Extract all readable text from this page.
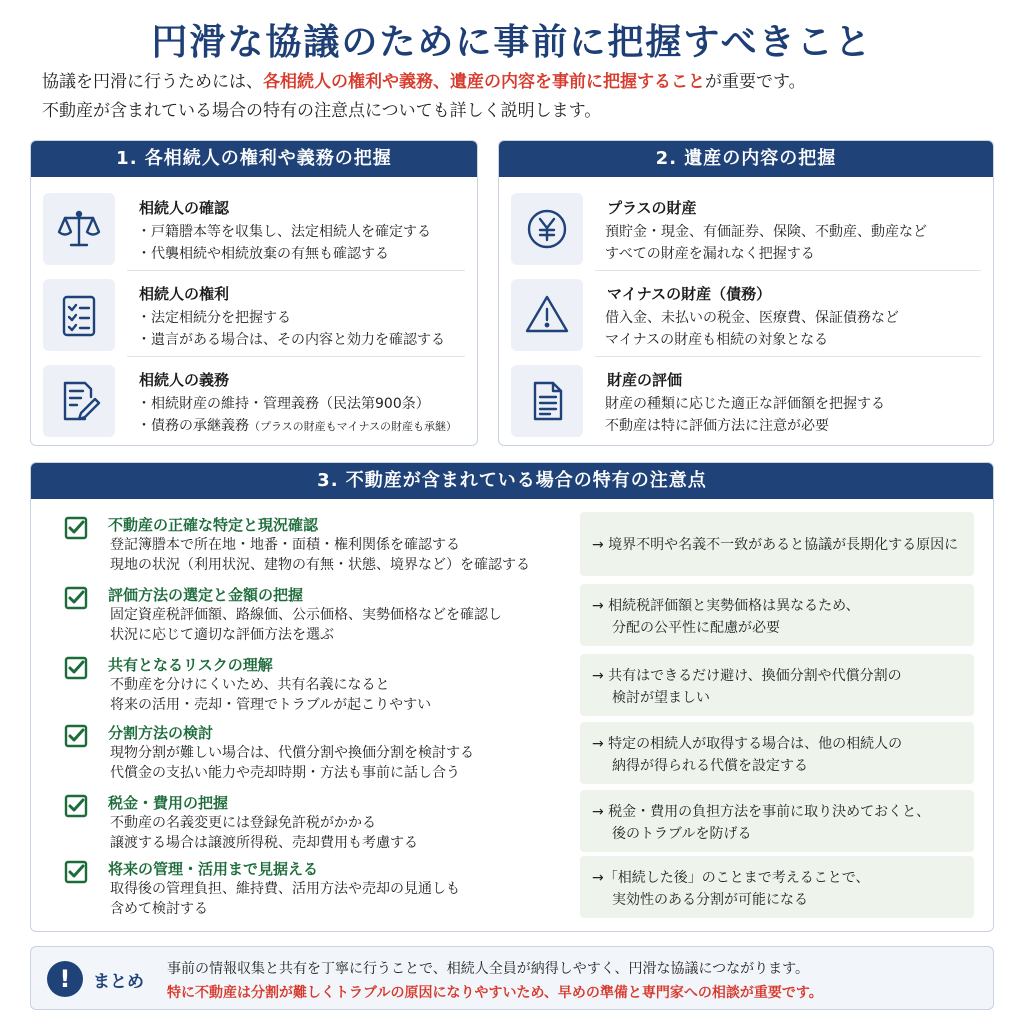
円滑な協議のために事前に把握すべきこと
協議を円滑に行うためには、各相続人の権利や義務、遺産の内容を事前に把握することが重要です。
不動産が含まれている場合の特有の注意点についても詳しく説明します。
1. 各相続人の権利や義務の把握
相続人の確認
・戸籍謄本等を収集し、法定相続人を確定する
・代襲相続や相続放棄の有無も確認する
相続人の権利
・法定相続分を把握する
・遺言がある場合は、その内容と効力を確認する
相続人の義務
・相続財産の維持・管理義務（民法第900条）
・債務の承継義務（プラスの財産もマイナスの財産も承継）
2. 遺産の内容の把握
プラスの財産
預貯金・現金、有価証券、保険、不動産、動産など
すべての財産を漏れなく把握する
マイナスの財産（債務）
借入金、未払いの税金、医療費、保証債務など
マイナスの財産も相続の対象となる
財産の評価
財産の種類に応じた適正な評価額を把握する
不動産は特に評価方法に注意が必要
3. 不動産が含まれている場合の特有の注意点
不動産の正確な特定と現況確認
登記簿謄本で所在地・地番・面積・権利関係を確認する
現地の状況（利用状況、建物の有無・状態、境界など）を確認する
→ 境界不明や名義不一致があると協議が長期化する原因に
評価方法の選定と金額の把握
固定資産税評価額、路線価、公示価格、実勢価格などを確認し
状況に応じて適切な評価方法を選ぶ
→ 相続税評価額と実勢価格は異なるため、
分配の公平性に配慮が必要
共有となるリスクの理解
不動産を分けにくいため、共有名義になると
将来の活用・売却・管理でトラブルが起こりやすい
→ 共有はできるだけ避け、換価分割や代償分割の
検討が望ましい
分割方法の検討
現物分割が難しい場合は、代償分割や換価分割を検討する
代償金の支払い能力や売却時期・方法も事前に話し合う
→ 特定の相続人が取得する場合は、他の相続人の
納得が得られる代償を設定する
税金・費用の把握
不動産の名義変更には登録免許税がかかる
譲渡する場合は譲渡所得税、売却費用も考慮する
→ 税金・費用の負担方法を事前に取り決めておくと、
後のトラブルを防げる
将来の管理・活用まで見据える
取得後の管理負担、維持費、活用方法や売却の見通しも
含めて検討する
→「相続した後」のことまで考えることで、
実効性のある分割が可能になる
!	まとめ
事前の情報収集と共有を丁寧に行うことで、相続人全員が納得しやすく、円滑な協議につながります。
特に不動産は分割が難しくトラブルの原因になりやすいため、早めの準備と専門家への相談が重要です。
